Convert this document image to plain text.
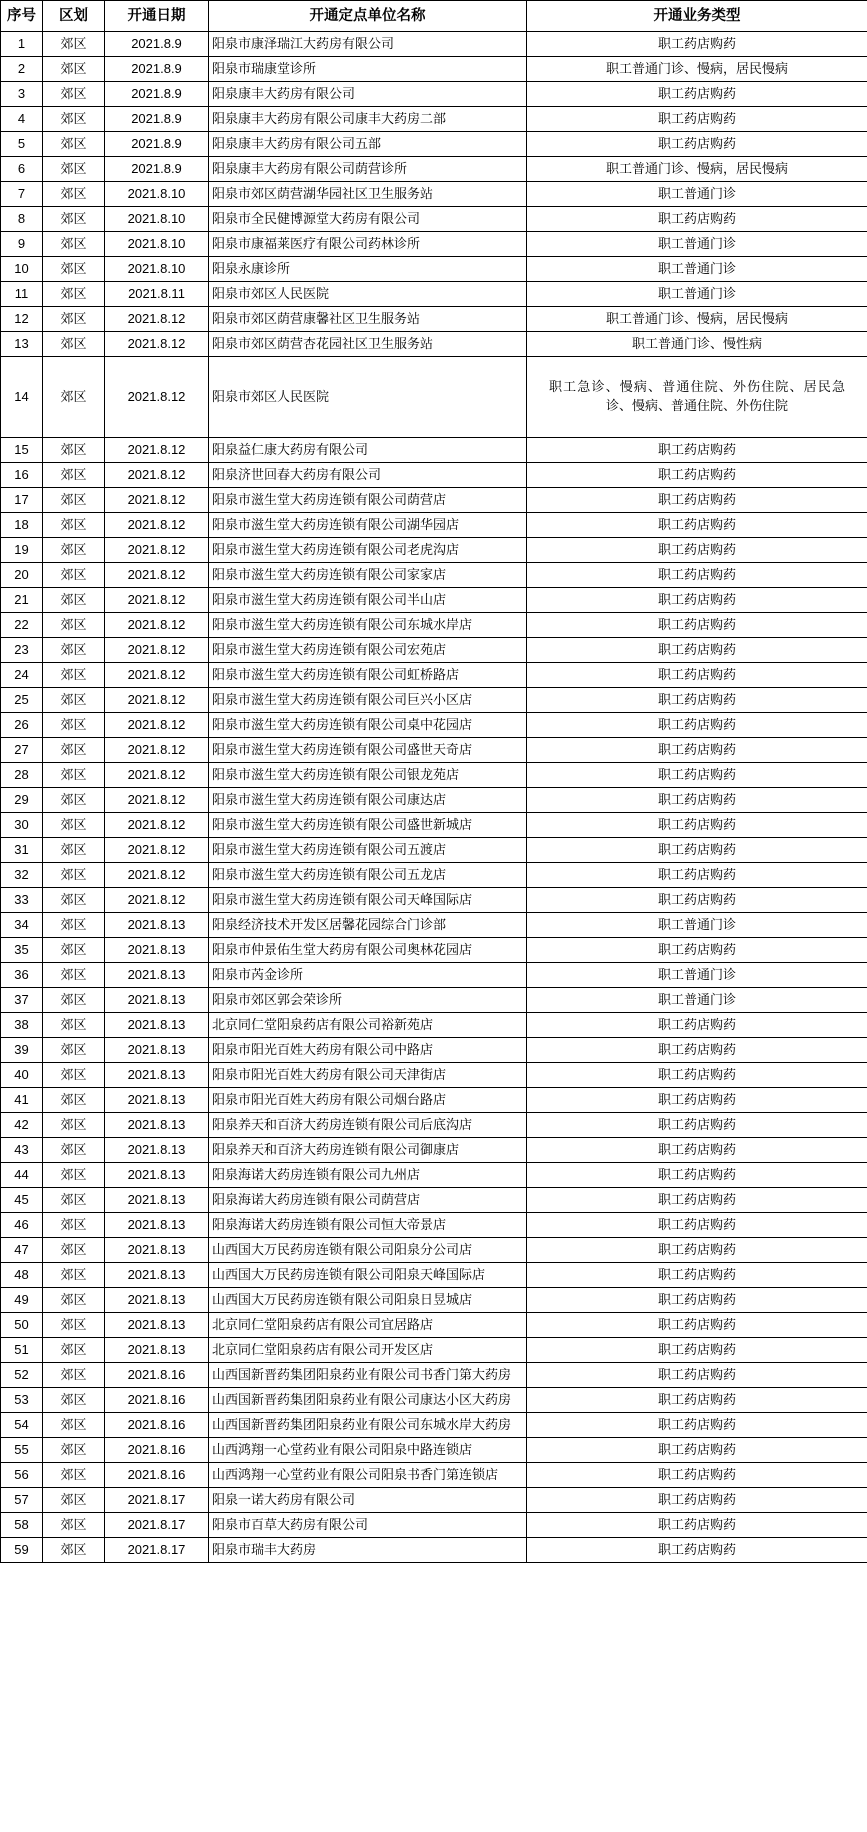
序号	区划	开通日期	开通定点单位名称	开通业务类型
1	郊区	2021.8.9	阳泉市康泽瑞江大药房有限公司	职工药店购药
2	郊区	2021.8.9	阳泉市瑞康堂诊所	职工普通门诊、慢病，居民慢病
3	郊区	2021.8.9	阳泉康丰大药房有限公司	职工药店购药
4	郊区	2021.8.9	阳泉康丰大药房有限公司康丰大药房二部	职工药店购药
5	郊区	2021.8.9	阳泉康丰大药房有限公司五部	职工药店购药
6	郊区	2021.8.9	阳泉康丰大药房有限公司荫营诊所	职工普通门诊、慢病，居民慢病
7	郊区	2021.8.10	阳泉市郊区荫营湖华园社区卫生服务站	职工普通门诊
8	郊区	2021.8.10	阳泉市全民健博源堂大药房有限公司	职工药店购药
9	郊区	2021.8.10	阳泉市康福莱医疗有限公司药林诊所	职工普通门诊
10	郊区	2021.8.10	阳泉永康诊所	职工普通门诊
11	郊区	2021.8.11	阳泉市郊区人民医院	职工普通门诊
12	郊区	2021.8.12	阳泉市郊区荫营康馨社区卫生服务站	职工普通门诊、慢病，居民慢病
13	郊区	2021.8.12	阳泉市郊区荫营杏花园社区卫生服务站	职工普通门诊、慢性病
14	郊区	2021.8.12	阳泉市郊区人民医院	职工急诊、慢病、普通住院、外伤住院、居民急诊、慢病、普通住院、外伤住院
15	郊区	2021.8.12	阳泉益仁康大药房有限公司	职工药店购药
16	郊区	2021.8.12	阳泉济世回春大药房有限公司	职工药店购药
17	郊区	2021.8.12	阳泉市滋生堂大药房连锁有限公司荫营店	职工药店购药
18	郊区	2021.8.12	阳泉市滋生堂大药房连锁有限公司湖华园店	职工药店购药
19	郊区	2021.8.12	阳泉市滋生堂大药房连锁有限公司老虎沟店	职工药店购药
20	郊区	2021.8.12	阳泉市滋生堂大药房连锁有限公司家家店	职工药店购药
21	郊区	2021.8.12	阳泉市滋生堂大药房连锁有限公司半山店	职工药店购药
22	郊区	2021.8.12	阳泉市滋生堂大药房连锁有限公司东城水岸店	职工药店购药
23	郊区	2021.8.12	阳泉市滋生堂大药房连锁有限公司宏苑店	职工药店购药
24	郊区	2021.8.12	阳泉市滋生堂大药房连锁有限公司虹桥路店	职工药店购药
25	郊区	2021.8.12	阳泉市滋生堂大药房连锁有限公司巨兴小区店	职工药店购药
26	郊区	2021.8.12	阳泉市滋生堂大药房连锁有限公司桌中花园店	职工药店购药
27	郊区	2021.8.12	阳泉市滋生堂大药房连锁有限公司盛世天奇店	职工药店购药
28	郊区	2021.8.12	阳泉市滋生堂大药房连锁有限公司银龙苑店	职工药店购药
29	郊区	2021.8.12	阳泉市滋生堂大药房连锁有限公司康达店	职工药店购药
30	郊区	2021.8.12	阳泉市滋生堂大药房连锁有限公司盛世新城店	职工药店购药
31	郊区	2021.8.12	阳泉市滋生堂大药房连锁有限公司五渡店	职工药店购药
32	郊区	2021.8.12	阳泉市滋生堂大药房连锁有限公司五龙店	职工药店购药
33	郊区	2021.8.12	阳泉市滋生堂大药房连锁有限公司天峰国际店	职工药店购药
34	郊区	2021.8.13	阳泉经济技术开发区居馨花园综合门诊部	职工普通门诊
35	郊区	2021.8.13	阳泉市仲景佑生堂大药房有限公司奥林花园店	职工药店购药
36	郊区	2021.8.13	阳泉市芮金诊所	职工普通门诊
37	郊区	2021.8.13	阳泉市郊区郭会荣诊所	职工普通门诊
38	郊区	2021.8.13	北京同仁堂阳泉药店有限公司裕新苑店	职工药店购药
39	郊区	2021.8.13	阳泉市阳光百姓大药房有限公司中路店	职工药店购药
40	郊区	2021.8.13	阳泉市阳光百姓大药房有限公司天津街店	职工药店购药
41	郊区	2021.8.13	阳泉市阳光百姓大药房有限公司烟台路店	职工药店购药
42	郊区	2021.8.13	阳泉养天和百济大药房连锁有限公司后底沟店	职工药店购药
43	郊区	2021.8.13	阳泉养天和百济大药房连锁有限公司御康店	职工药店购药
44	郊区	2021.8.13	阳泉海诺大药房连锁有限公司九州店	职工药店购药
45	郊区	2021.8.13	阳泉海诺大药房连锁有限公司荫营店	职工药店购药
46	郊区	2021.8.13	阳泉海诺大药房连锁有限公司恒大帝景店	职工药店购药
47	郊区	2021.8.13	山西国大万民药房连锁有限公司阳泉分公司店	职工药店购药
48	郊区	2021.8.13	山西国大万民药房连锁有限公司阳泉天峰国际店	职工药店购药
49	郊区	2021.8.13	山西国大万民药房连锁有限公司阳泉日昱城店	职工药店购药
50	郊区	2021.8.13	北京同仁堂阳泉药店有限公司宜居路店	职工药店购药
51	郊区	2021.8.13	北京同仁堂阳泉药店有限公司开发区店	职工药店购药
52	郊区	2021.8.16	山西国新晋药集团阳泉药业有限公司书香门第大药房	职工药店购药
53	郊区	2021.8.16	山西国新晋药集团阳泉药业有限公司康达小区大药房	职工药店购药
54	郊区	2021.8.16	山西国新晋药集团阳泉药业有限公司东城水岸大药房	职工药店购药
55	郊区	2021.8.16	山西鸿翔一心堂药业有限公司阳泉中路连锁店	职工药店购药
56	郊区	2021.8.16	山西鸿翔一心堂药业有限公司阳泉书香门第连锁店	职工药店购药
57	郊区	2021.8.17	阳泉一诺大药房有限公司	职工药店购药
58	郊区	2021.8.17	阳泉市百草大药房有限公司	职工药店购药
59	郊区	2021.8.17	阳泉市瑞丰大药房	职工药店购药
